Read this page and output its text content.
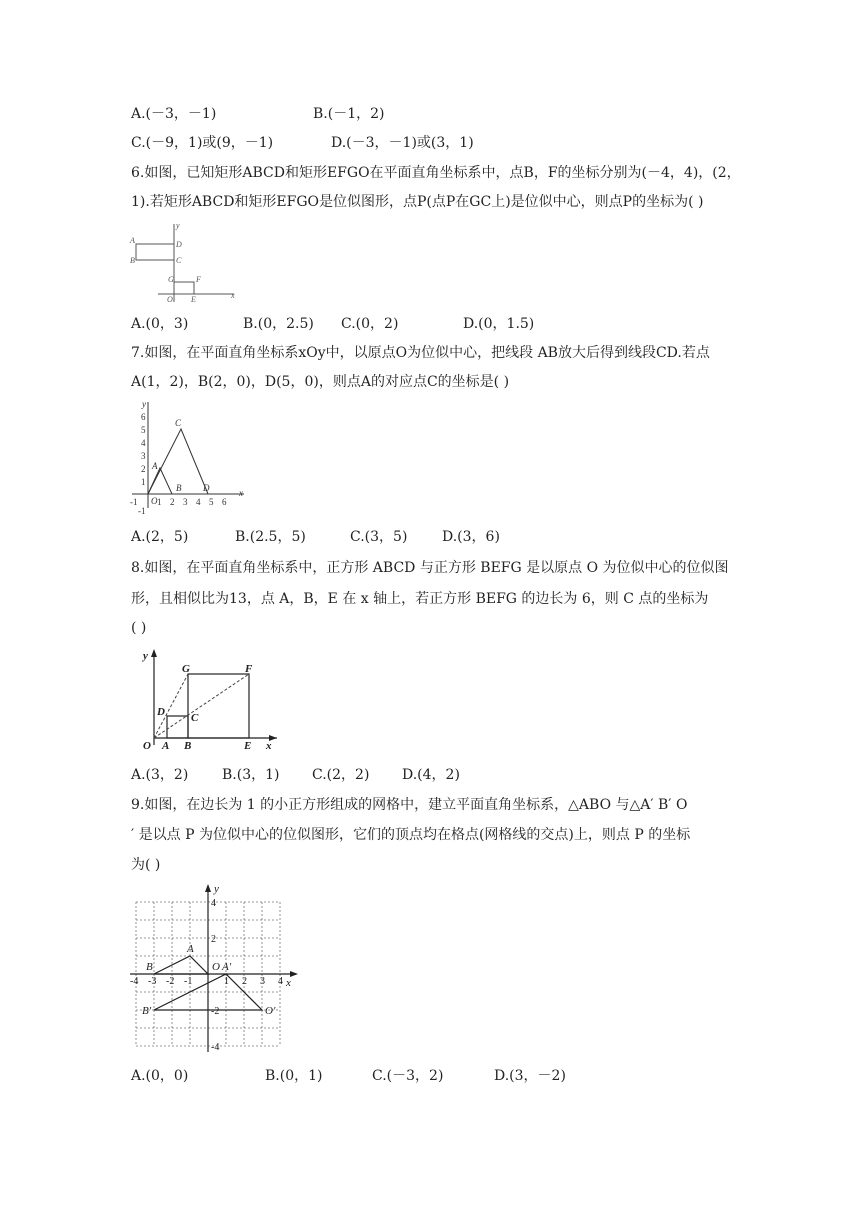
A.(－3，－1)	B.(－1，2)
C.(－9，1)或(9，－1)	D.(－3，－1)或(3，1)
6.如图，已知矩形ABCD和矩形EFGO在平面直角坐标系中，点B，F的坐标分别为(－4，4)，(2，
1).若矩形ABCD和矩形EFGO是位似图形，点P(点P在GC上)是位似中心，则点P的坐标为( )
A
B
D
C
G	F
O E	x
y
A.(0，3)	B.(0，2.5) C.(0，2)	D.(0，1.5)
7.如图，在平面直角坐标系xOy中，以原点O为位似中心，把线段 AB放大后得到线段CD.若点
A(1，2)，B(2，0)，D(5，0)，则点A的对应点C的坐标是( )
-1 1 2 3 4 5 6
1
2
3
4
5
6
-1
O
A
B
C
D	x
y
A.(2，5)	B.(2.5，5)	C.(3，5) D.(3，6)
8.如图，在平面直角坐标系中，正方形 ABCD 与正方形 BEFG 是以原点 O 为位似中心的位似图
形，且相似比为13，点 A，B，E 在 x 轴上，若正方形 BEFG 的边长为 6，则 C 点的坐标为
( )
y
x
G	F
D C
O A B	E
A.(3，2) B.(3，1) C.(2，2) D.(4，2)
9.如图，在边长为 1 的小正方形组成的网格中，建立平面直角坐标系，△ABO 与△A′ B′ O
′ 是以点 P 为位似中心的位似图形，它们的顶点均在格点(网格线的交点)上，则点 P 的坐标
为( )
-4 -3 -2 -1	1 2 3 4
4
2
-2
-4
y
x
A
B	O A′
B′	O′
A.(0，0)	B.(0，1)	C.(－3，2)	D.(3，－2)
